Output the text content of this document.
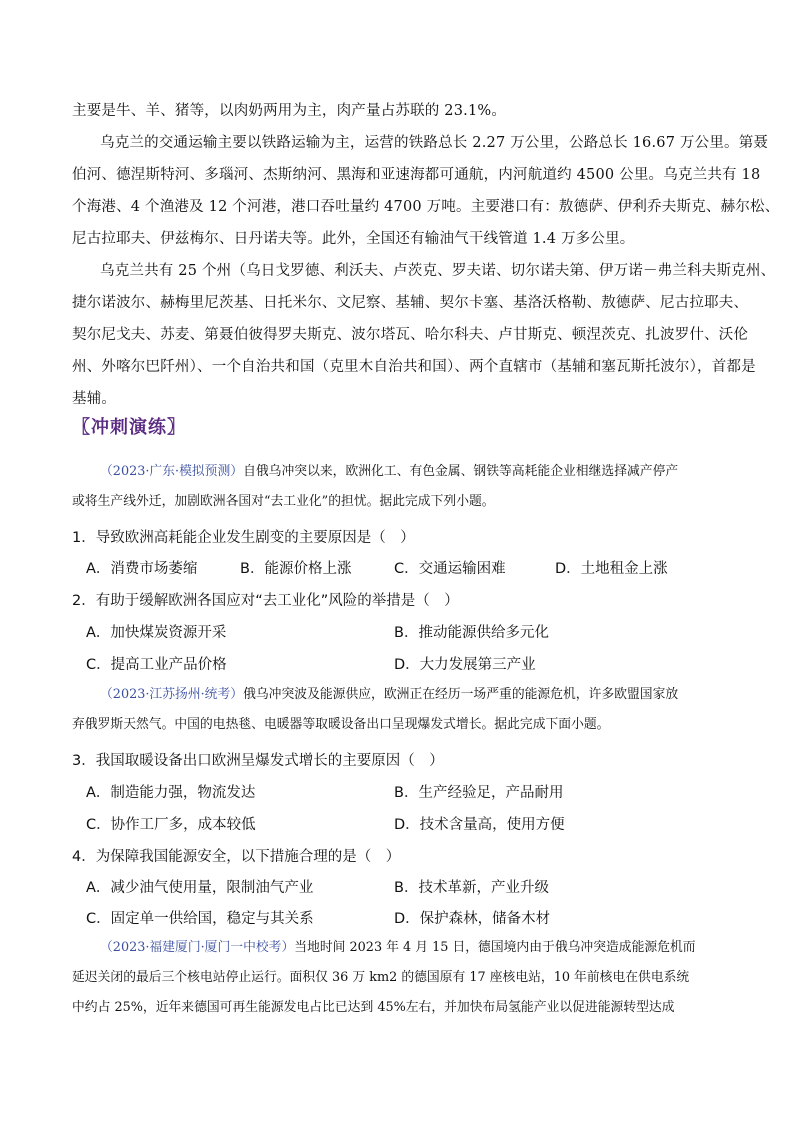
主要是牛、羊、猪等，以肉奶两用为主，肉产量占苏联的 23.1%。
乌克兰的交通运输主要以铁路运输为主，运营的铁路总长 2.27 万公里，公路总长 16.67 万公里。第聂
伯河、德涅斯特河、多瑙河、杰斯纳河、黑海和亚速海都可通航，内河航道约 4500 公里。乌克兰共有 18
个海港、4 个渔港及 12 个河港，港口吞吐量约 4700 万吨。主要港口有：敖德萨、伊利乔夫斯克、赫尔松、
尼古拉耶夫、伊兹梅尔、日丹诺夫等。此外，全国还有输油气干线管道 1.4 万多公里。
乌克兰共有 25 个州（乌日戈罗德、利沃夫、卢茨克、罗夫诺、切尔诺夫第、伊万诺－弗兰科夫斯克州、
捷尔诺波尔、赫梅里尼茨基、日托米尔、文尼察、基辅、契尔卡塞、基洛沃格勒、敖德萨、尼古拉耶夫、
契尔尼戈夫、苏麦、第聂伯彼得罗夫斯克、波尔塔瓦、哈尔科夫、卢甘斯克、顿涅茨克、扎波罗什、沃伦
州、外喀尔巴阡州）、一个自治共和国（克里木自治共和国）、两个直辖市（基辅和塞瓦斯托波尔），首都是
基辅。
〖冲刺演练〗
（2023·广东·模拟预测）自俄乌冲突以来，欧洲化工、有色金属、钢铁等高耗能企业相继选择减产停产
或将生产线外迁，加剧欧洲各国对“去工业化”的担忧。据此完成下列小题。
1．导致欧洲高耗能企业发生剧变的主要原因是（　）
A．消费市场萎缩	B．能源价格上涨	C．交通运输困难	D．土地租金上涨
2．有助于缓解欧洲各国应对“去工业化”风险的举措是（　）
A．加快煤炭资源开采	B．推动能源供给多元化
C．提高工业产品价格	D．大力发展第三产业
（2023·江苏扬州·统考）俄乌冲突波及能源供应，欧洲正在经历一场严重的能源危机，许多欧盟国家放
弃俄罗斯天然气。中国的电热毯、电暖器等取暖设备出口呈现爆发式增长。据此完成下面小题。
3．我国取暖设备出口欧洲呈爆发式增长的主要原因（　）
A．制造能力强，物流发达	B．生产经验足，产品耐用
C．协作工厂多，成本较低	D．技术含量高，使用方便
4．为保障我国能源安全，以下措施合理的是（　）
A．减少油气使用量，限制油气产业	B．技术革新，产业升级
C．固定单一供给国，稳定与其关系	D．保护森林，储备木材
（2023·福建厦门·厦门一中校考）当地时间 2023 年 4 月 15 日，德国境内由于俄乌冲突造成能源危机而
延迟关闭的最后三个核电站停止运行。面积仅 36 万 km2 的德国原有 17 座核电站，10 年前核电在供电系统
中约占 25%，近年来德国可再生能源发电占比已达到 45%左右，并加快布局氢能产业以促进能源转型达成
